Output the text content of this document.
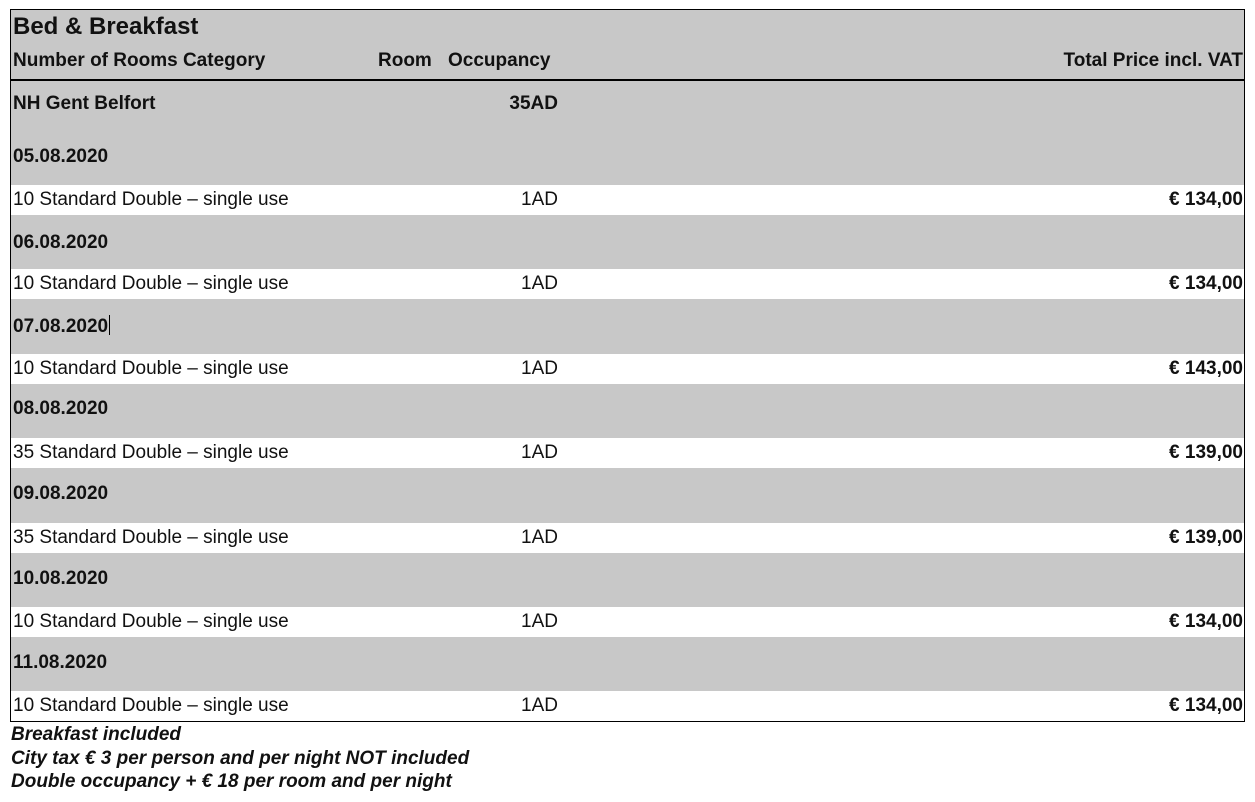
Bed & Breakfast
Number of Rooms Category	Room Occupancy	Total Price incl. VAT
NH Gent Belfort	35AD
05.08.2020
10 Standard Double – single use	1AD	€ 134,00
06.08.2020
10 Standard Double – single use	1AD	€ 134,00
07.08.2020
10 Standard Double – single use	1AD	€ 143,00
08.08.2020
35 Standard Double – single use	1AD	€ 139,00
09.08.2020
35 Standard Double – single use	1AD	€ 139,00
10.08.2020
10 Standard Double – single use	1AD	€ 134,00
11.08.2020
10 Standard Double – single use	1AD	€ 134,00
Breakfast included
City tax € 3 per person and per night NOT included
Double occupancy + € 18 per room and per night
